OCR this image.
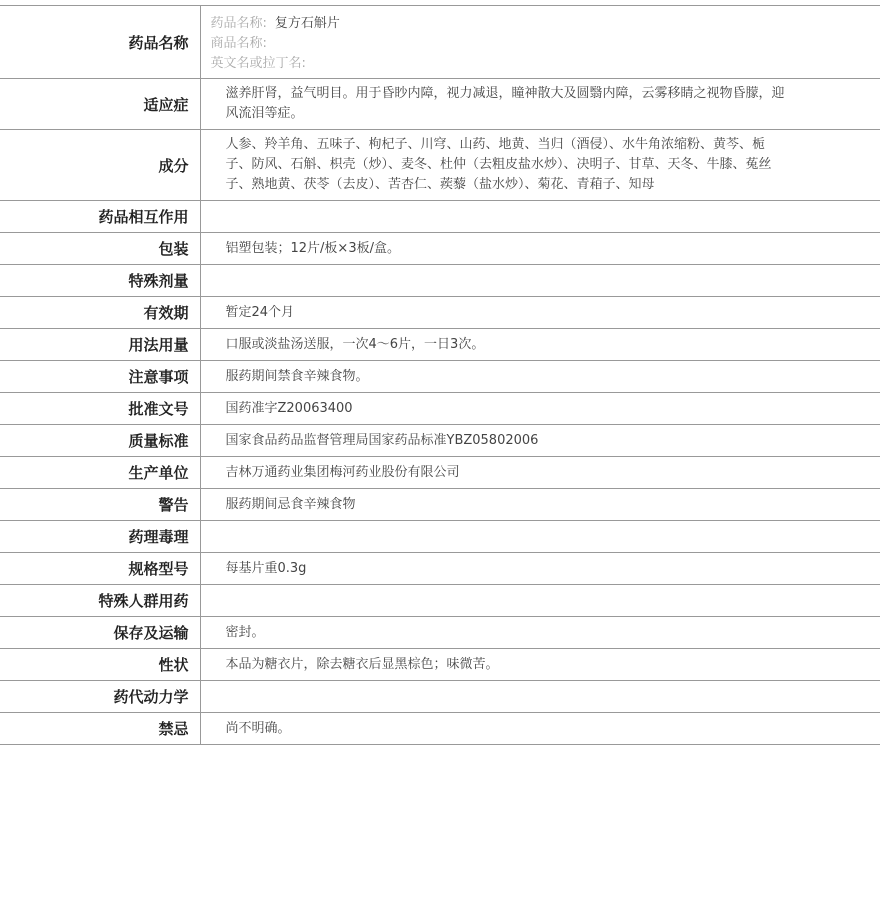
药品名称	药品名称: 复方石斛片
商品名称:
英文名或拉丁名:

适应症	滋养肝肾，益气明目。用于昏眇内障，视力减退，瞳神散大及圆翳内障，云雾移睛之视物昏朦，迎风流泪等症。
成分	人参、羚羊角、五味子、枸杞子、川穹、山药、地黄、当归（酒侵）、水牛角浓缩粉、黄芩、栀子、防风、石斛、枳壳（炒）、麦冬、杜仲（去粗皮盐水炒）、决明子、甘草、天冬、牛膝、菟丝子、熟地黄、茯苓（去皮）、苦杏仁、蒺藜（盐水炒）、菊花、青葙子、知母
药品相互作用	
包装	铝塑包装；12片/板×3板/盒。
特殊剂量	
有效期	暂定24个月
用法用量	口服或淡盐汤送服，一次4～6片，一日3次。
注意事项	服药期间禁食辛辣食物。
批准文号	国药准字Z20063400
质量标准	国家食品药品监督管理局国家药品标准YBZ05802006
生产单位	吉林万通药业集团梅河药业股份有限公司
警告	服药期间忌食辛辣食物
药理毒理	
规格型号	每基片重0.3g
特殊人群用药	
保存及运输	密封。
性状	本品为糖衣片，除去糖衣后显黑棕色；味微苦。
药代动力学	
禁忌	尚不明确。
